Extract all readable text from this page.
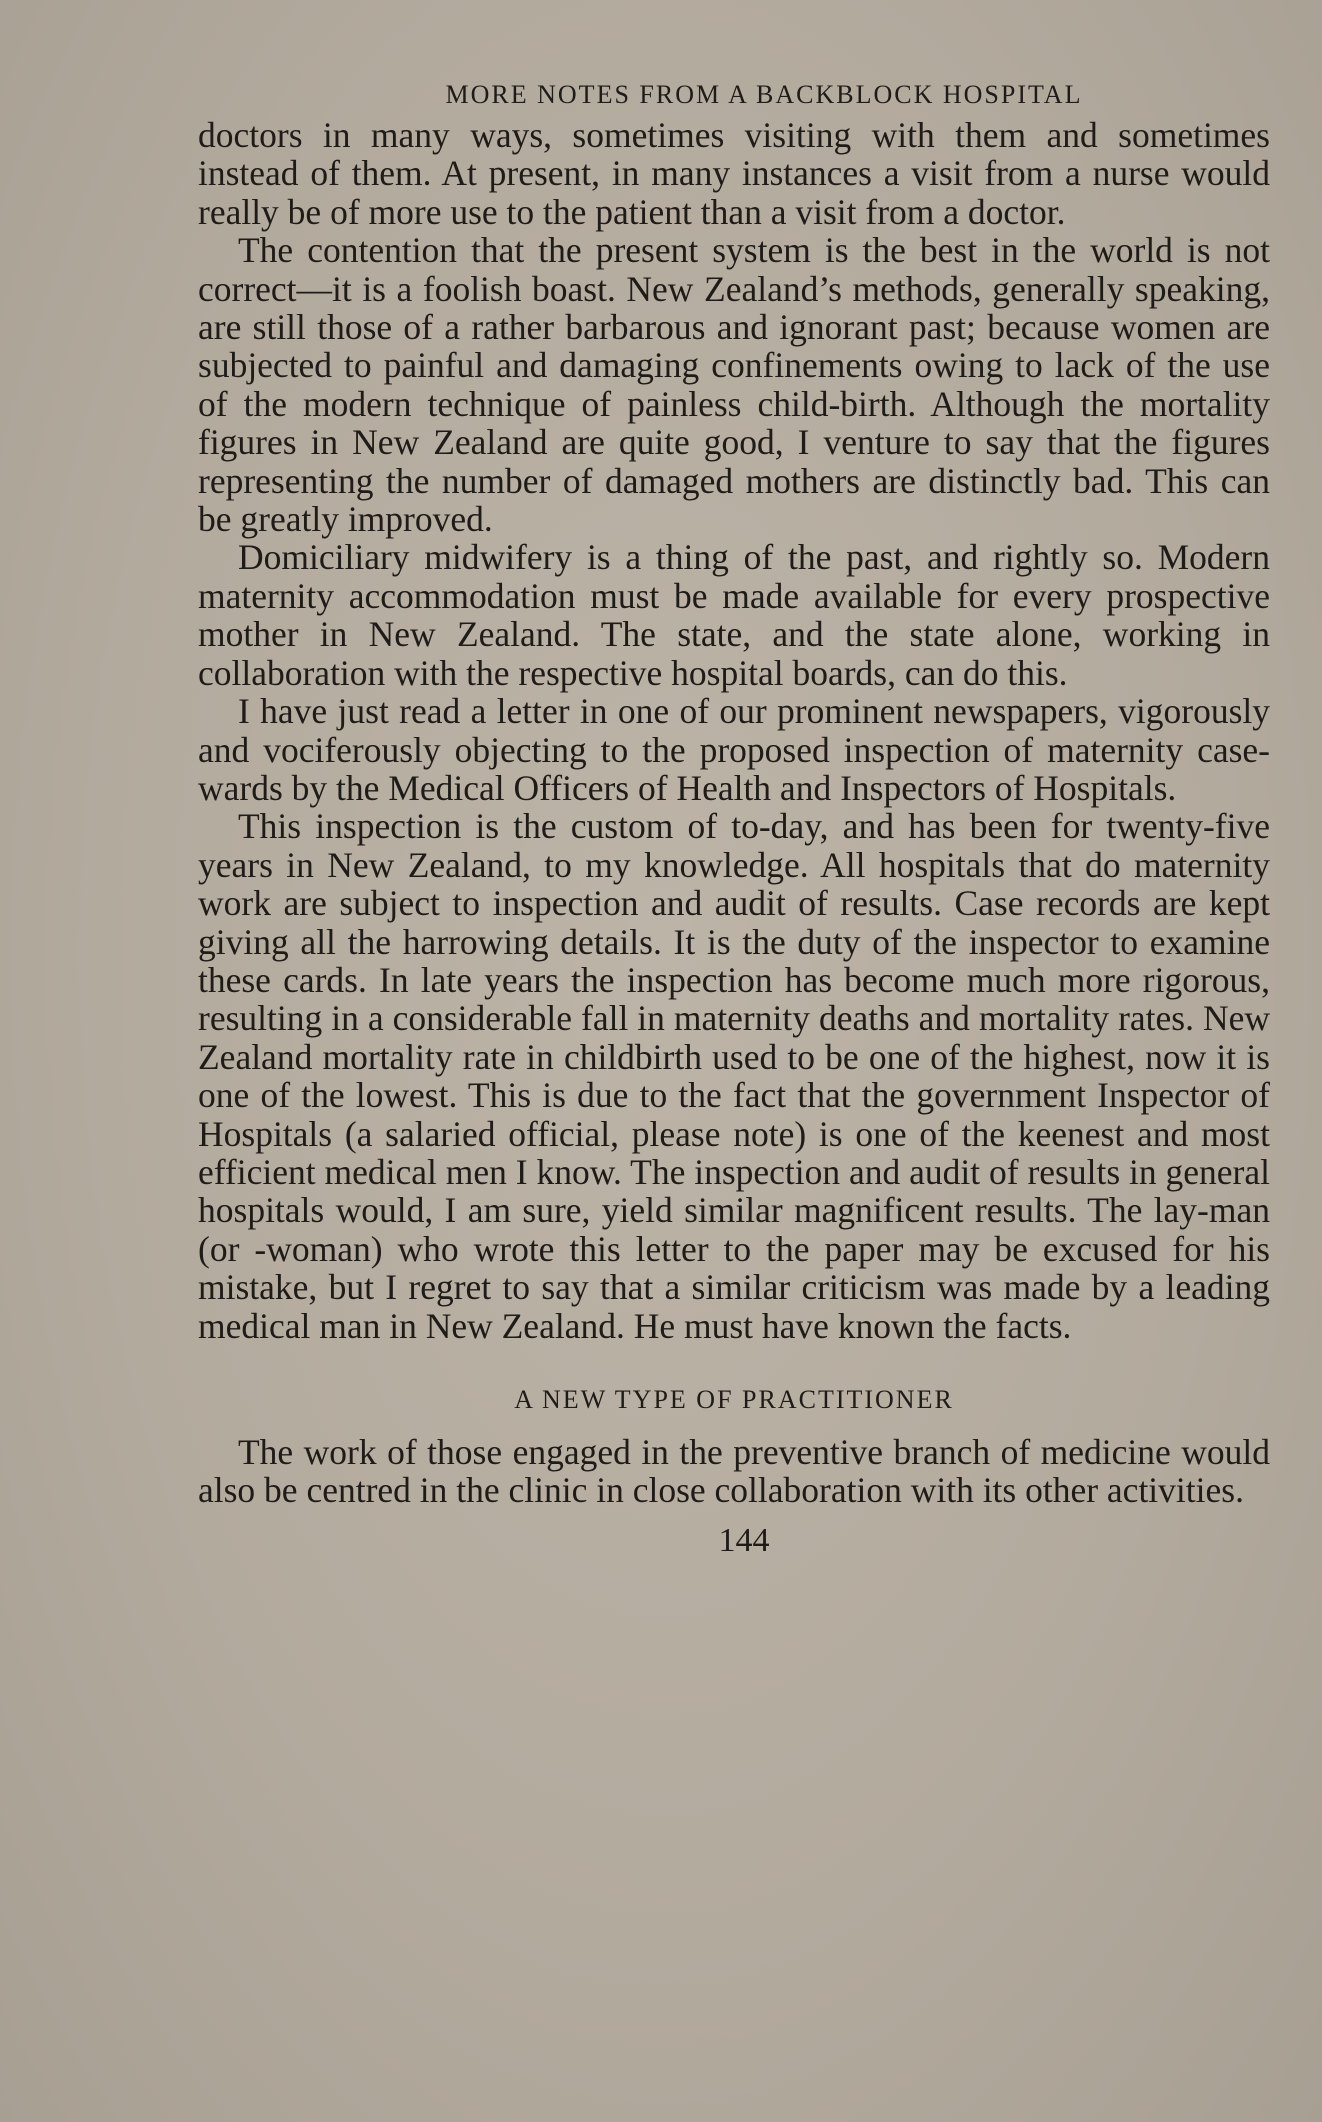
MORE NOTES FROM A BACKBLOCK HOSPITAL

doctors in many ways, sometimes visiting with them and sometimes instead of them. At present, in many instances a visit from a nurse would really be of more use to the patient than a visit from a doctor.

The contention that the present system is the best in the world is not correct—it is a foolish boast. New Zealand’s methods, generally speaking, are still those of a rather barbarous and ignorant past; because women are subjected to painful and damaging confinements owing to lack of the use of the modern technique of painless child-birth. Although the mortality figures in New Zealand are quite good, I venture to say that the figures representing the number of damaged mothers are distinctly bad. This can be greatly improved.

Domiciliary midwifery is a thing of the past, and rightly so. Modern maternity accommodation must be made available for every prospective mother in New Zealand. The state, and the state alone, working in collaboration with the respective hospital boards, can do this.

I have just read a letter in one of our prominent newspapers, vigorously and vociferously objecting to the proposed inspection of maternity case-wards by the Medical Officers of Health and Inspectors of Hospitals.

This inspection is the custom of to-day, and has been for twenty-five years in New Zealand, to my knowledge. All hospitals that do maternity work are subject to inspection and audit of results. Case records are kept giving all the harrowing details. It is the duty of the inspector to examine these cards. In late years the inspection has become much more rigorous, resulting in a considerable fall in maternity deaths and mortality rates. New Zealand mortality rate in childbirth used to be one of the highest, now it is one of the lowest. This is due to the fact that the government Inspector of Hospitals (a salaried official, please note) is one of the keenest and most efficient medical men I know. The inspection and audit of results in general hospitals would, I am sure, yield similar magnificent results. The lay-man (or -woman) who wrote this letter to the paper may be excused for his mistake, but I regret to say that a similar criticism was made by a leading medical man in New Zealand. He must have known the facts.

A NEW TYPE OF PRACTITIONER

The work of those engaged in the preventive branch of medicine would also be centred in the clinic in close collaboration with its other activities.

144
